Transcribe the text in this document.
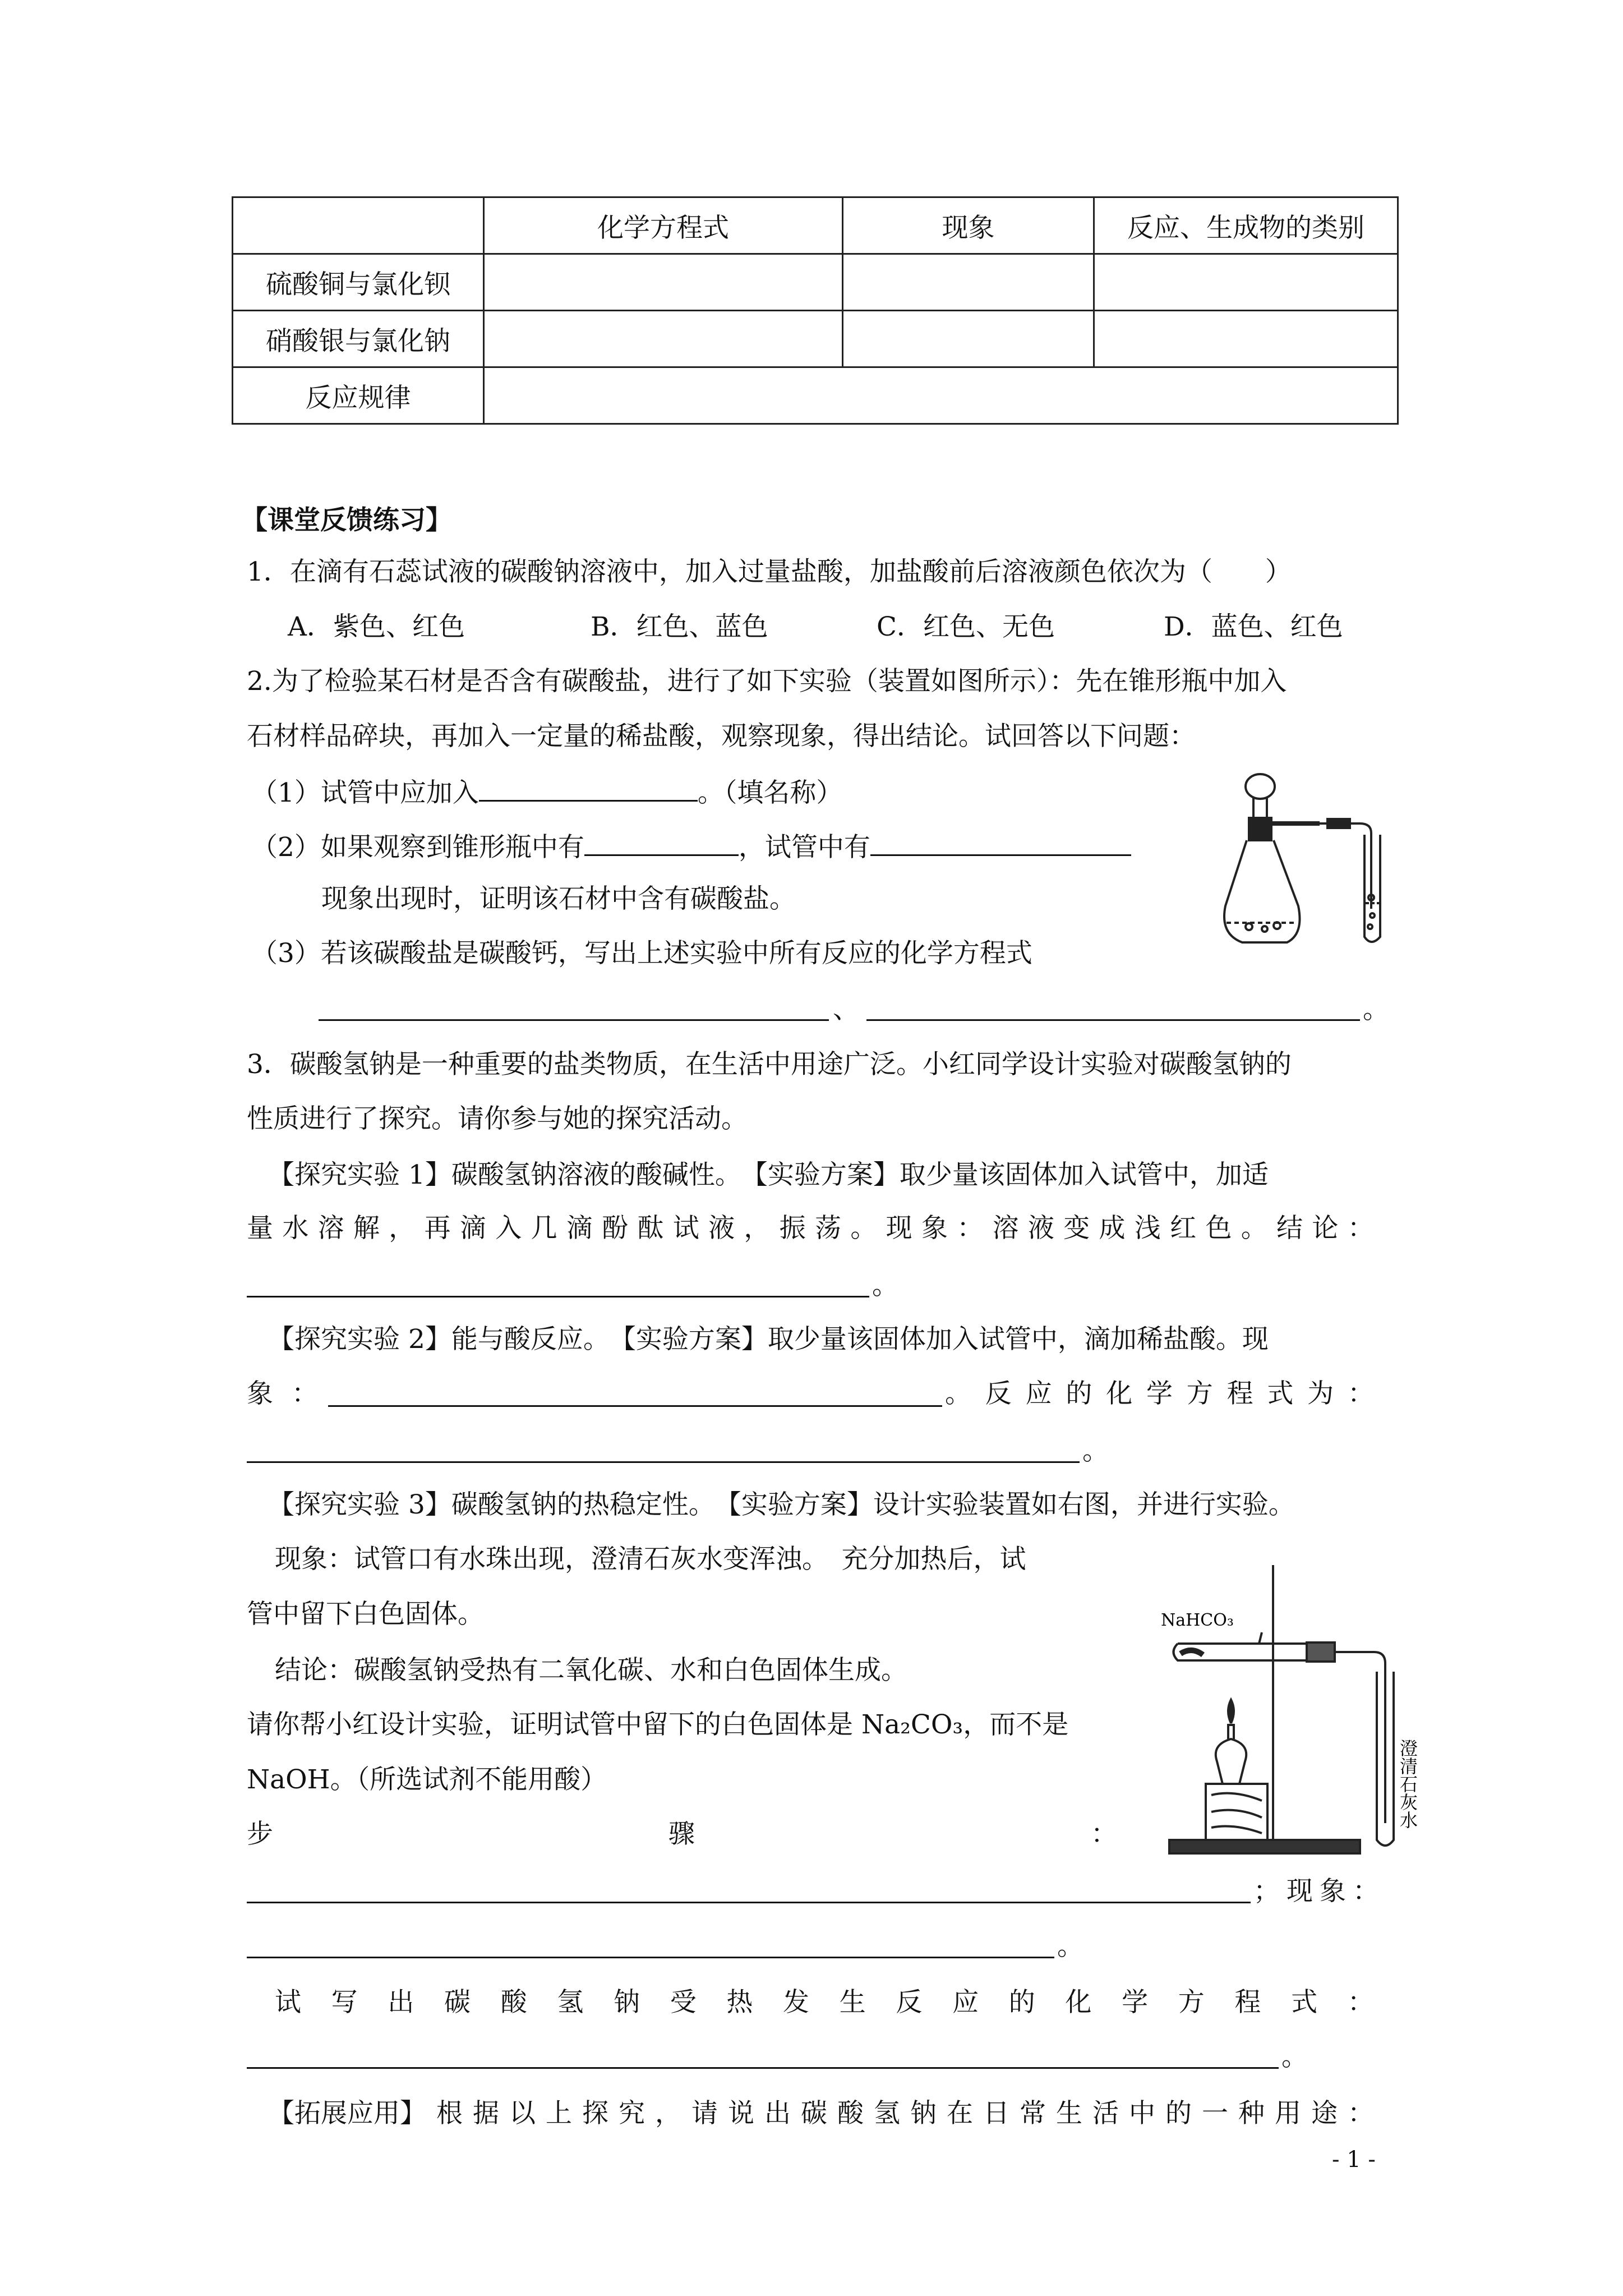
	化学方程式	现象	反应、生成物的类别
硫酸铜与氯化钡			
硝酸银与氯化钠			
反应规律			
【课堂反馈练习】
1．在滴有石蕊试液的碳酸钠溶液中，加入过量盐酸，加盐酸前后溶液颜色依次为（　　）
A．紫色、红色	B．红色、蓝色	C．红色、无色	D．蓝色、红色
2.为了检验某石材是否含有碳酸盐，进行了如下实验（装置如图所示）：先在锥形瓶中加入
石材样品碎块，再加入一定量的稀盐酸，观察现象，得出结论。试回答以下问题：
（1）试管中应加入	。（填名称）
（2）如果观察到锥形瓶中有	，试管中有
现象出现时，证明该石材中含有碳酸盐。
（3）若该碳酸盐是碳酸钙，写出上述实验中所有反应的化学方程式
、	。
3．碳酸氢钠是一种重要的盐类物质，在生活中用途广泛。小红同学设计实验对碳酸氢钠的
性质进行了探究。请你参与她的探究活动。
【探究实验 1】碳酸氢钠溶液的酸碱性。　【实验方案】取少量该固体加入试管中，加适
量 水 溶 解 ， 再 滴 入 几 滴 酚 酞 试 液 ， 振 荡 。 现 象 ： 溶 液 变 成 浅 红 色 。 结 论 ：
。
【探究实验 2】能与酸反应。　【实验方案】取少量该固体加入试管中，滴加稀盐酸。现
象 ：	。 反 应 的 化 学 方 程 式 为 ：
。
【探究实验 3】碳酸氢钠的热稳定性。　【实验方案】设计实验装置如右图，并进行实验。
现象：试管口有水珠出现，澄清石灰水变浑浊。　充分加热后，试
管中留下白色固体。
结论：碳酸氢钠受热有二氧化碳、水和白色固体生成。
请你帮小红设计实验，证明试管中留下的白色固体是 Na₂CO₃，而不是
NaOH。（所选试剂不能用酸）
NaHCO₃
澄清石灰水
步	骤	：
；现象：
。
试 写 出 碳 酸 氢 钠 受 热 发 生 反 应 的 化 学 方 程 式 ：
。
【拓展应用】 根 据 以 上 探 究 ， 请 说 出 碳 酸 氢 钠 在 日 常 生 活 中 的 一 种 用 途 ：
- 1 -
